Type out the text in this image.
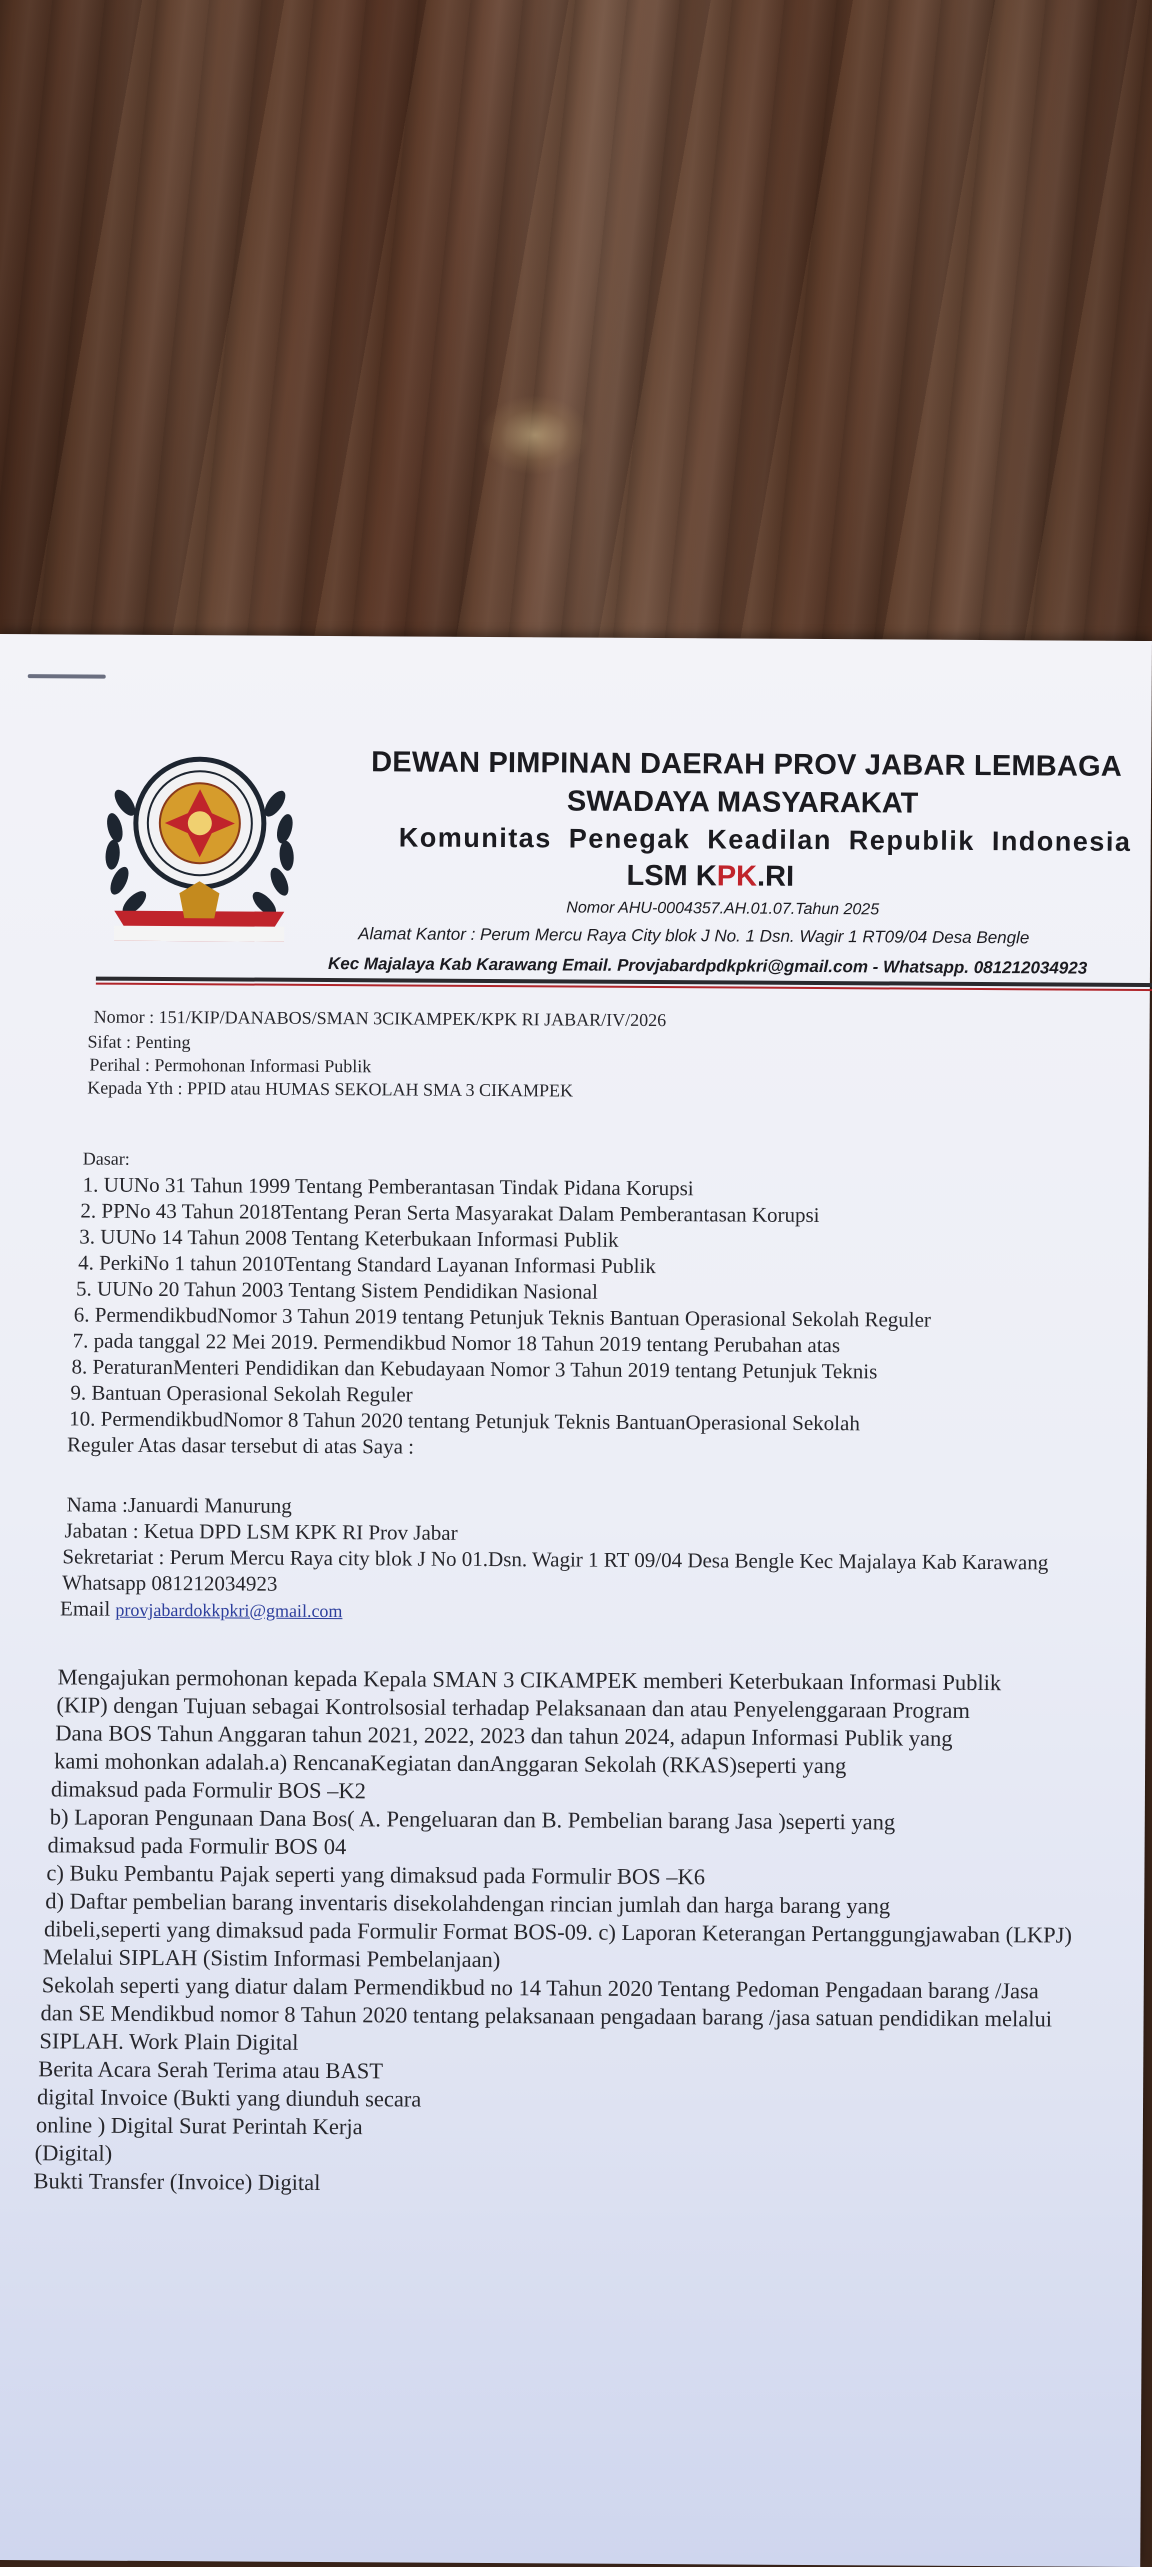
DEWAN PIMPINAN DAERAH PROV JABAR LEMBAGA
SWADAYA MASYARAKAT
Komunitas Penegak Keadilan Republik Indonesia
LSM KPK.RI
Nomor AHU-0004357.AH.01.07.Tahun 2025
Alamat Kantor : Perum Mercu Raya City blok J No. 1 Dsn. Wagir 1 RT09/04 Desa Bengle
Kec Majalaya Kab Karawang Email. Provjabardpdkpkri@gmail.com - Whatsapp. 081212034923
Nomor : 151/KIP/DANABOS/SMAN 3CIKAMPEK/KPK RI JABAR/IV/2026
Sifat : Penting
Perihal : Permohonan Informasi Publik
Kepada Yth : PPID atau HUMAS SEKOLAH SMA 3 CIKAMPEK
Dasar:
1. UUNo 31 Tahun 1999 Tentang Pemberantasan Tindak Pidana Korupsi
2. PPNo 43 Tahun 2018Tentang Peran Serta Masyarakat Dalam Pemberantasan Korupsi
3. UUNo 14 Tahun 2008 Tentang Keterbukaan Informasi Publik
4. PerkiNo 1 tahun 2010Tentang Standard Layanan Informasi Publik
5. UUNo 20 Tahun 2003 Tentang Sistem Pendidikan Nasional
6. PermendikbudNomor 3 Tahun 2019 tentang Petunjuk Teknis Bantuan Operasional Sekolah Reguler
7. pada tanggal 22 Mei 2019. Permendikbud Nomor 18 Tahun 2019 tentang Perubahan atas
8. PeraturanMenteri Pendidikan dan Kebudayaan Nomor 3 Tahun 2019 tentang Petunjuk Teknis
9. Bantuan Operasional Sekolah Reguler
10. PermendikbudNomor 8 Tahun 2020 tentang Petunjuk Teknis BantuanOperasional Sekolah
Reguler Atas dasar tersebut di atas Saya :
Nama :Januardi Manurung
Jabatan : Ketua DPD LSM KPK RI Prov Jabar
Sekretariat : Perum Mercu Raya city blok J No 01.Dsn. Wagir 1 RT 09/04 Desa Bengle Kec Majalaya Kab Karawang
Whatsapp 081212034923
Email provjabardokkpkri@gmail.com
Mengajukan permohonan kepada Kepala SMAN 3 CIKAMPEK memberi Keterbukaan Informasi Publik
(KIP) dengan Tujuan sebagai Kontrolsosial terhadap Pelaksanaan dan atau Penyelenggaraan Program
Dana BOS Tahun Anggaran tahun 2021, 2022, 2023 dan tahun 2024, adapun Informasi Publik yang
kami mohonkan adalah.a) RencanaKegiatan danAnggaran Sekolah (RKAS)seperti yang
dimaksud pada Formulir BOS –K2
b) Laporan Pengunaan Dana Bos( A. Pengeluaran dan B. Pembelian barang Jasa )seperti yang
dimaksud pada Formulir BOS 04
c) Buku Pembantu Pajak seperti yang dimaksud pada Formulir BOS –K6
d) Daftar pembelian barang inventaris disekolahdengan rincian jumlah dan harga barang yang
dibeli,seperti yang dimaksud pada Formulir Format BOS-09. c) Laporan Keterangan Pertanggungjawaban (LKPJ)
Melalui SIPLAH (Sistim Informasi Pembelanjaan)
Sekolah seperti yang diatur dalam Permendikbud no 14 Tahun 2020 Tentang Pedoman Pengadaan barang /Jasa
dan SE Mendikbud nomor 8 Tahun 2020 tentang pelaksanaan pengadaan barang /jasa satuan pendidikan melalui
SIPLAH. Work Plain Digital
Berita Acara Serah Terima atau BAST
digital Invoice (Bukti yang diunduh secara
online ) Digital Surat Perintah Kerja
(Digital)
Bukti Transfer (Invoice) Digital
